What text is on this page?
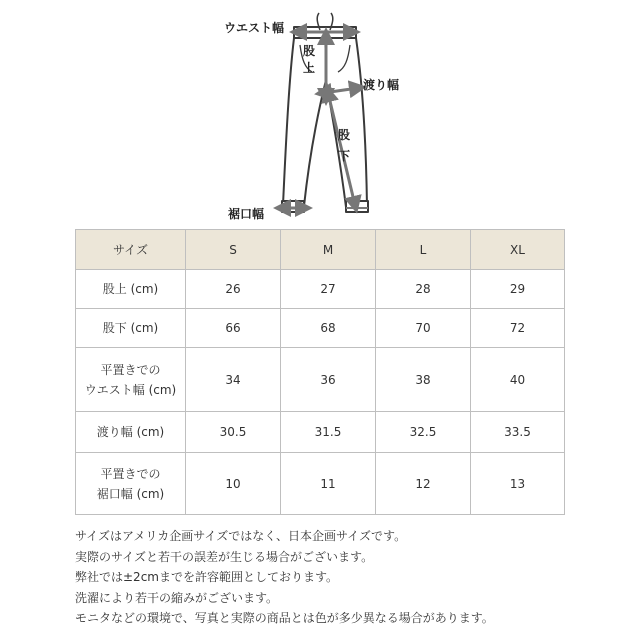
ウエスト幅
股
上
渡り幅
股
下
裾口幅
サイズ	S	M	L	XL
股上 (cm)	26	27	28	29
股下 (cm)	66	68	70	72
平置きでの
ウエスト幅 (cm)	34	36	38	40
渡り幅 (cm)	30.5	31.5	32.5	33.5
平置きでの
裾口幅 (cm)	10	11	12	13
サイズはアメリカ企画サイズではなく、日本企画サイズです。
実際のサイズと若干の誤差が生じる場合がございます。
弊社では±2cmまでを許容範囲としております。
洗濯により若干の縮みがございます。
モニタなどの環境で、写真と実際の商品とは色が多少異なる場合があります。
